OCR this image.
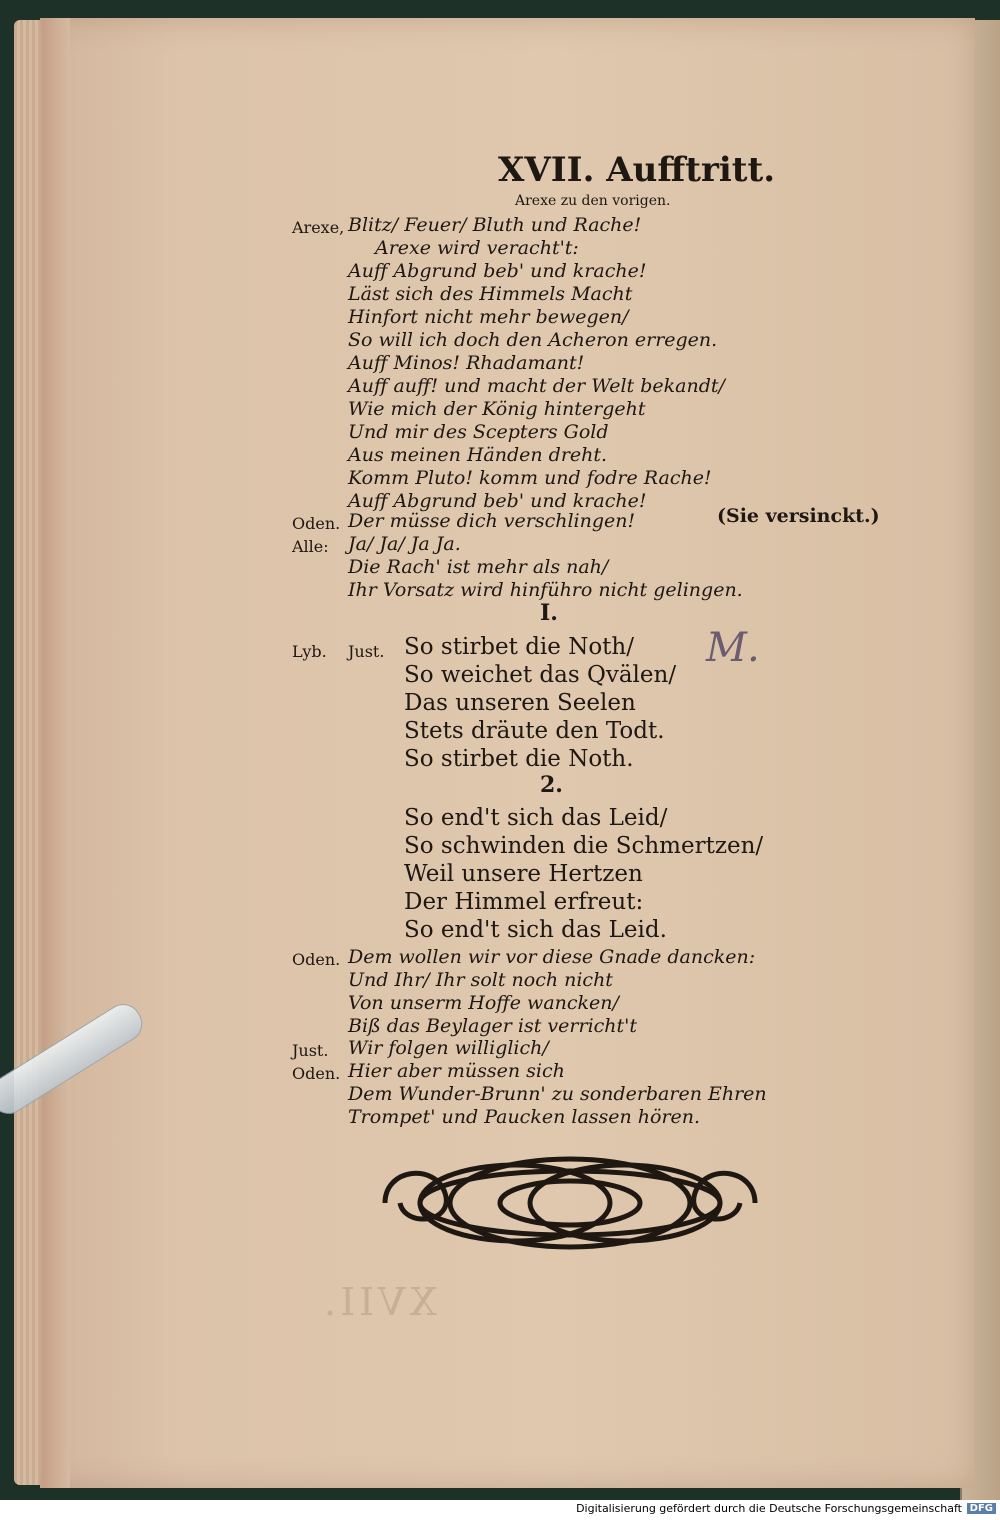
XVII. Aufftritt.
Arexe zu den vorigen.
Arexe, Blitz/ Feuer/ Bluth und Rache!
Arexe wird veracht't:
Auff Abgrund beb' und krache!
Läst sich des Himmels Macht
Hinfort nicht mehr bewegen/
So will ich doch den Acheron erregen.
Auff Minos! Rhadamant!
Auff auff! und macht der Welt bekandt/
Wie mich der König hintergeht
Und mir des Scepters Gold
Aus meinen Händen dreht.
Komm Pluto! komm und fodre Rache!
Auff Abgrund beb' und krache!
Oden. Der müsse dich verschlingen!	(Sie versinckt.)
Alle: Ja/ Ja/ Ja Ja.
Die Rach' ist mehr als nah/
Ihr Vorsatz wird hinführo nicht gelingen.
I.
Lyb. Just.	M.
So stirbet die Noth/
So weichet das Qvälen/
Das unseren Seelen
Stets dräute den Todt.
So stirbet die Noth.
2.
So end't sich das Leid/
So schwinden die Schmertzen/
Weil unsere Hertzen
Der Himmel erfreut:
So end't sich das Leid.
Oden. Dem wollen wir vor diese Gnade dancken:
Und Ihr/ Ihr solt noch nicht
Von unserm Hoffe wancken/
Biß das Beylager ist verricht't
Just. Wir folgen williglich/
Oden. Hier aber müssen sich
Dem Wunder-Brunn' zu sonderbaren Ehren
Trompet' und Paucken lassen hören.
XVII.
Digitalisierung gefördert durch die Deutsche Forschungsgemeinschaft DFG
